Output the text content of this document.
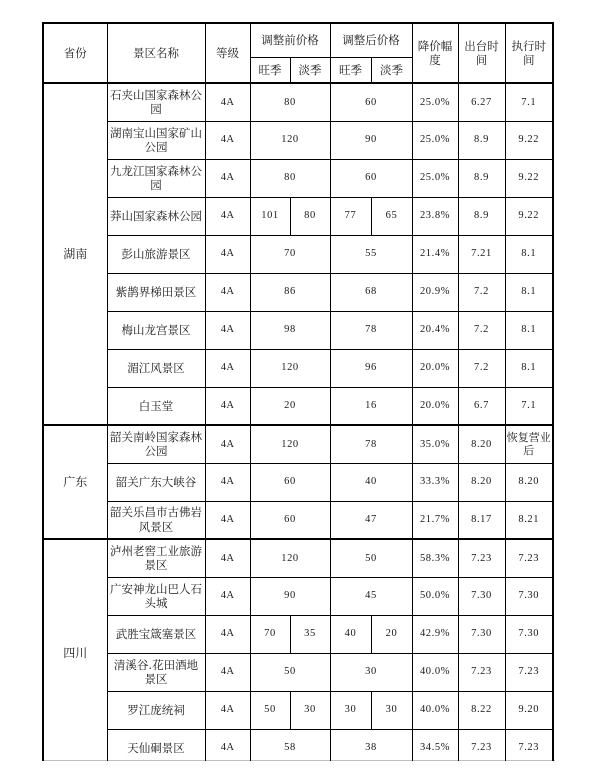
省份	景区名称	等级	调整前价格		调整后价格		降价幅度	出台时间	执行时间
			旺季	淡季	旺季	淡季			
湖南	石夹山国家森林公园	4A	80		60		25.0%	6.27	7.1
	湖南宝山国家矿山公园	4A	120		90		25.0%	8.9	9.22
	九龙江国家森林公园	4A	80		60		25.0%	8.9	9.22
	莽山国家森林公园	4A	101	80	77	65	23.8%	8.9	9.22
	彭山旅游景区	4A	70		55		21.4%	7.21	8.1
	紫鹊界梯田景区	4A	86		68		20.9%	7.2	8.1
	梅山龙宫景区	4A	98		78		20.4%	7.2	8.1
	湄江风景区	4A	120		96		20.0%	7.2	8.1
	白玉堂	4A	20		16		20.0%	6.7	7.1
广东	韶关南岭国家森林公园	4A	120		78		35.0%	8.20	恢复营业后
	韶关广东大峡谷	4A	60		40		33.3%	8.20	8.20
	韶关乐昌市古佛岩风景区	4A	60		47		21.7%	8.17	8.21
四川	泸州老窖工业旅游景区	4A	120		50		58.3%	7.23	7.23
	广安神龙山巴人石头城	4A	90		45		50.0%	7.30	7.30
	武胜宝箴塞景区	4A	70	35	40	20	42.9%	7.30	7.30
	清溪谷.花田酒地景区	4A	50		30		40.0%	7.23	7.23
	罗江庞统祠	4A	50	30	30	30	40.0%	8.22	9.20
	天仙硐景区	4A	58		38		34.5%	7.23	7.23
